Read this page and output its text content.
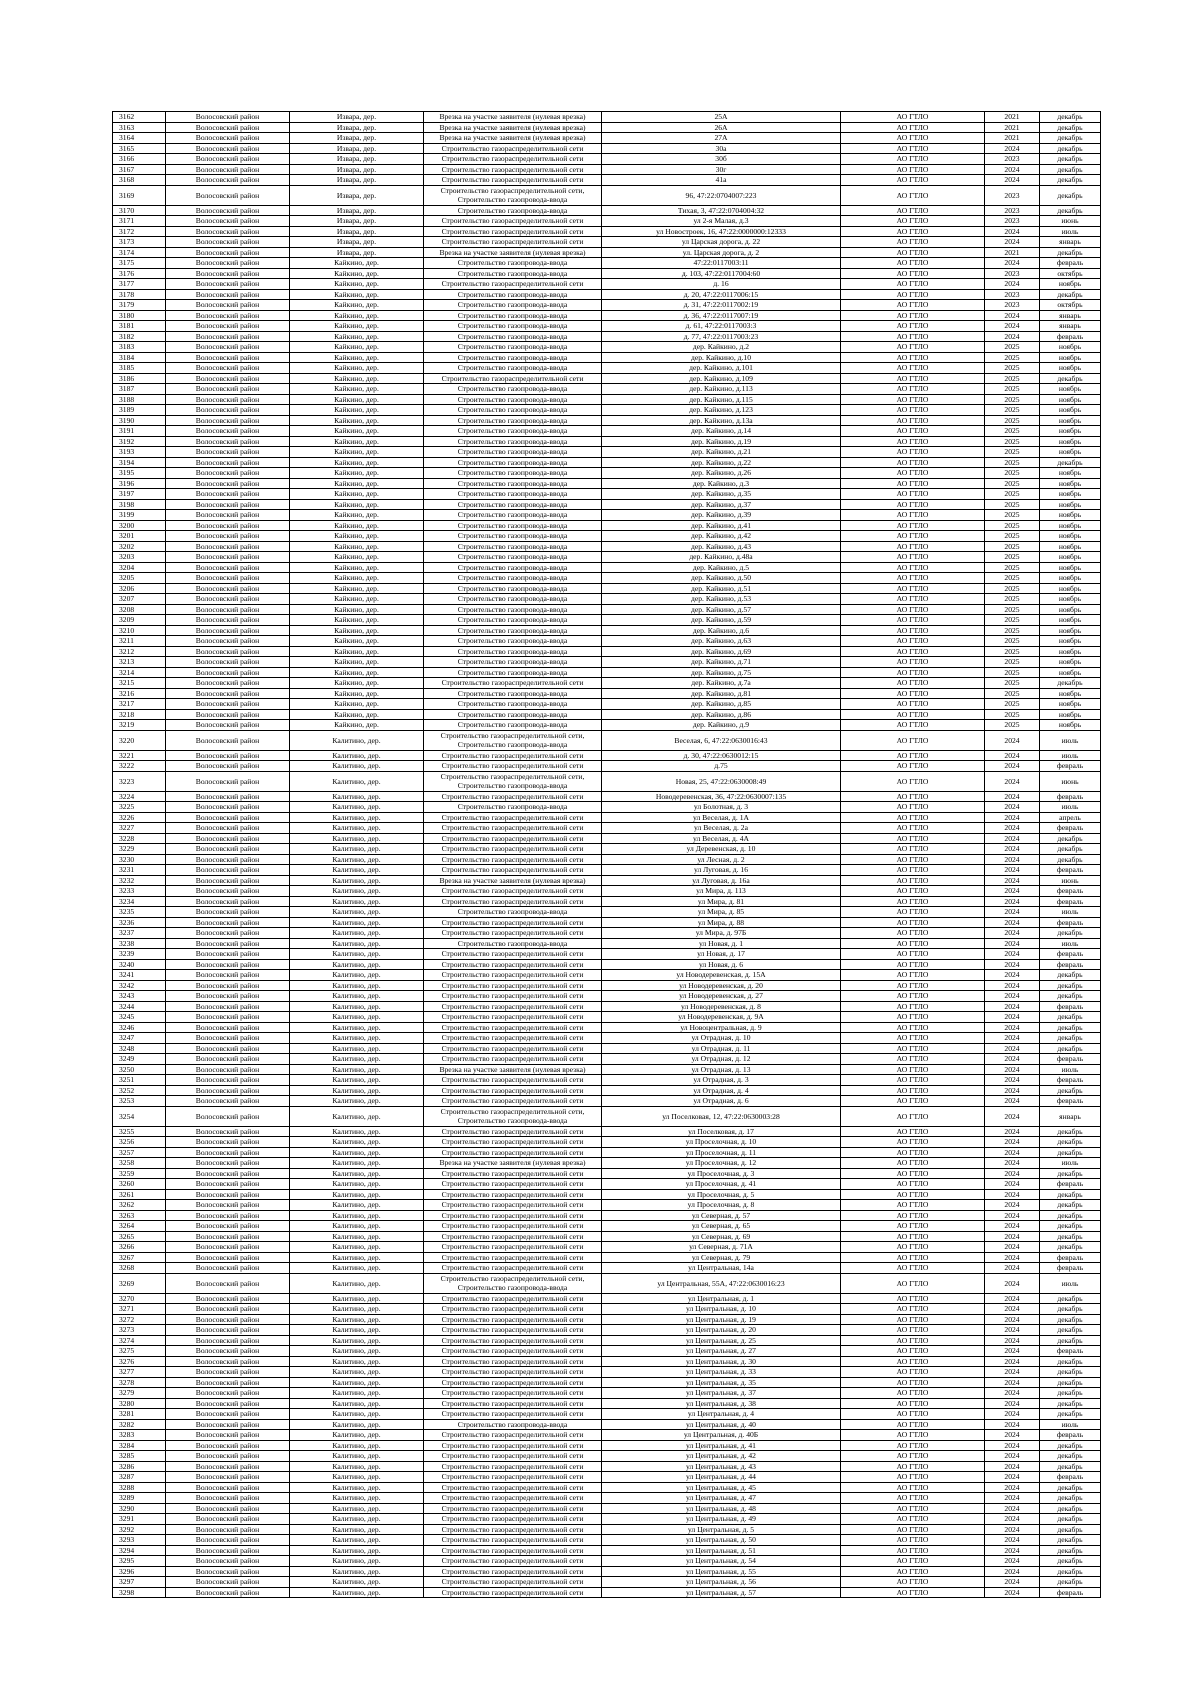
3162	Волосовский район	Извара, дер.	Врезка на участке заявителя (нулевая врезка)	25А	АО ГТЛО	2021	декабрь
3163	Волосовский район	Извара, дер.	Врезка на участке заявителя (нулевая врезка)	26А	АО ГТЛО	2021	декабрь
3164	Волосовский район	Извара, дер.	Врезка на участке заявителя (нулевая врезка)	27А	АО ГТЛО	2021	декабрь
3165	Волосовский район	Извара, дер.	Строительство газораспределительной сети	30а	АО ГТЛО	2024	декабрь
3166	Волосовский район	Извара, дер.	Строительство газораспределительной сети	30б	АО ГТЛО	2023	декабрь
3167	Волосовский район	Извара, дер.	Строительство газораспределительной сети	30г	АО ГТЛО	2024	декабрь
3168	Волосовский район	Извара, дер.	Строительство газораспределительной сети	41а	АО ГТЛО	2024	декабрь
3169	Волосовский район	Извара, дер.	Строительство газораспределительной сети, Строительство газопровода-ввода	96, 47:22:0704007:223	АО ГТЛО	2023	декабрь
3170	Волосовский район	Извара, дер.	Строительство газопровода-ввода	Тихая, 3, 47:22:0704004:32	АО ГТЛО	2023	декабрь
3171	Волосовский район	Извара, дер.	Строительство газораспределительной сети	ул 2-я Малая, д.3	АО ГТЛО	2023	июнь
3172	Волосовский район	Извара, дер.	Строительство газораспределительной сети	ул Новостроек, 16, 47:22:0000000:12333	АО ГТЛО	2024	июль
3173	Волосовский район	Извара, дер.	Строительство газораспределительной сети	ул Царская дорога, д. 22	АО ГТЛО	2024	январь
3174	Волосовский район	Извара, дер.	Врезка на участке заявителя (нулевая врезка)	ул. Царская дорога, д. 2	АО ГТЛО	2021	декабрь
3175	Волосовский район	Кайкино, дер.	Строительство газопровода-ввода	47:22:0117003:11	АО ГТЛО	2024	февраль
3176	Волосовский район	Кайкино, дер.	Строительство газопровода-ввода	д. 103, 47:22:0117004:60	АО ГТЛО	2023	октябрь
3177	Волосовский район	Кайкино, дер.	Строительство газораспределительной сети	д. 16	АО ГТЛО	2024	ноябрь
3178	Волосовский район	Кайкино, дер.	Строительство газопровода-ввода	д. 20, 47:22:0117006:15	АО ГТЛО	2023	декабрь
3179	Волосовский район	Кайкино, дер.	Строительство газопровода-ввода	д. 31, 47:22:0117002:19	АО ГТЛО	2023	октябрь
3180	Волосовский район	Кайкино, дер.	Строительство газопровода-ввода	д. 36, 47:22:0117007:19	АО ГТЛО	2024	январь
3181	Волосовский район	Кайкино, дер.	Строительство газопровода-ввода	д. 61, 47:22:0117003:3	АО ГТЛО	2024	январь
3182	Волосовский район	Кайкино, дер.	Строительство газопровода-ввода	д. 77, 47:22:0117003:23	АО ГТЛО	2024	февраль
3183	Волосовский район	Кайкино, дер.	Строительство газопровода-ввода	дер. Кайкино, д.2	АО ГТЛО	2025	ноябрь
3184	Волосовский район	Кайкино, дер.	Строительство газопровода-ввода	дер. Кайкино, д.10	АО ГТЛО	2025	ноябрь
3185	Волосовский район	Кайкино, дер.	Строительство газопровода-ввода	дер. Кайкино, д.101	АО ГТЛО	2025	ноябрь
3186	Волосовский район	Кайкино, дер.	Строительство газораспределительной сети	дер. Кайкино, д.109	АО ГТЛО	2025	декабрь
3187	Волосовский район	Кайкино, дер.	Строительство газопровода-ввода	дер. Кайкино, д.113	АО ГТЛО	2025	ноябрь
3188	Волосовский район	Кайкино, дер.	Строительство газопровода-ввода	дер. Кайкино, д.115	АО ГТЛО	2025	ноябрь
3189	Волосовский район	Кайкино, дер.	Строительство газопровода-ввода	дер. Кайкино, д.123	АО ГТЛО	2025	ноябрь
3190	Волосовский район	Кайкино, дер.	Строительство газопровода-ввода	дер. Кайкино, д.13а	АО ГТЛО	2025	ноябрь
3191	Волосовский район	Кайкино, дер.	Строительство газопровода-ввода	дер. Кайкино, д.14	АО ГТЛО	2025	ноябрь
3192	Волосовский район	Кайкино, дер.	Строительство газопровода-ввода	дер. Кайкино, д.19	АО ГТЛО	2025	ноябрь
3193	Волосовский район	Кайкино, дер.	Строительство газопровода-ввода	дер. Кайкино, д.21	АО ГТЛО	2025	ноябрь
3194	Волосовский район	Кайкино, дер.	Строительство газопровода-ввода	дер. Кайкино, д.22	АО ГТЛО	2025	декабрь
3195	Волосовский район	Кайкино, дер.	Строительство газопровода-ввода	дер. Кайкино, д.26	АО ГТЛО	2025	ноябрь
3196	Волосовский район	Кайкино, дер.	Строительство газопровода-ввода	дер. Кайкино, д.3	АО ГТЛО	2025	ноябрь
3197	Волосовский район	Кайкино, дер.	Строительство газопровода-ввода	дер. Кайкино, д.35	АО ГТЛО	2025	ноябрь
3198	Волосовский район	Кайкино, дер.	Строительство газопровода-ввода	дер. Кайкино, д.37	АО ГТЛО	2025	ноябрь
3199	Волосовский район	Кайкино, дер.	Строительство газопровода-ввода	дер. Кайкино, д.39	АО ГТЛО	2025	ноябрь
3200	Волосовский район	Кайкино, дер.	Строительство газопровода-ввода	дер. Кайкино, д.41	АО ГТЛО	2025	ноябрь
3201	Волосовский район	Кайкино, дер.	Строительство газопровода-ввода	дер. Кайкино, д.42	АО ГТЛО	2025	ноябрь
3202	Волосовский район	Кайкино, дер.	Строительство газопровода-ввода	дер. Кайкино, д.43	АО ГТЛО	2025	ноябрь
3203	Волосовский район	Кайкино, дер.	Строительство газопровода-ввода	дер. Кайкино, д.48а	АО ГТЛО	2025	ноябрь
3204	Волосовский район	Кайкино, дер.	Строительство газопровода-ввода	дер. Кайкино, д.5	АО ГТЛО	2025	ноябрь
3205	Волосовский район	Кайкино, дер.	Строительство газопровода-ввода	дер. Кайкино, д.50	АО ГТЛО	2025	ноябрь
3206	Волосовский район	Кайкино, дер.	Строительство газопровода-ввода	дер. Кайкино, д.51	АО ГТЛО	2025	ноябрь
3207	Волосовский район	Кайкино, дер.	Строительство газопровода-ввода	дер. Кайкино, д.53	АО ГТЛО	2025	ноябрь
3208	Волосовский район	Кайкино, дер.	Строительство газопровода-ввода	дер. Кайкино, д.57	АО ГТЛО	2025	ноябрь
3209	Волосовский район	Кайкино, дер.	Строительство газопровода-ввода	дер. Кайкино, д.59	АО ГТЛО	2025	ноябрь
3210	Волосовский район	Кайкино, дер.	Строительство газопровода-ввода	дер. Кайкино, д.6	АО ГТЛО	2025	ноябрь
3211	Волосовский район	Кайкино, дер.	Строительство газопровода-ввода	дер. Кайкино, д.63	АО ГТЛО	2025	ноябрь
3212	Волосовский район	Кайкино, дер.	Строительство газопровода-ввода	дер. Кайкино, д.69	АО ГТЛО	2025	ноябрь
3213	Волосовский район	Кайкино, дер.	Строительство газопровода-ввода	дер. Кайкино, д.71	АО ГТЛО	2025	ноябрь
3214	Волосовский район	Кайкино, дер.	Строительство газопровода-ввода	дер. Кайкино, д.75	АО ГТЛО	2025	ноябрь
3215	Волосовский район	Кайкино, дер.	Строительство газораспределительной сети	дер. Кайкино, д.7а	АО ГТЛО	2025	декабрь
3216	Волосовский район	Кайкино, дер.	Строительство газопровода-ввода	дер. Кайкино, д.81	АО ГТЛО	2025	ноябрь
3217	Волосовский район	Кайкино, дер.	Строительство газопровода-ввода	дер. Кайкино, д.85	АО ГТЛО	2025	ноябрь
3218	Волосовский район	Кайкино, дер.	Строительство газопровода-ввода	дер. Кайкино, д.86	АО ГТЛО	2025	ноябрь
3219	Волосовский район	Кайкино, дер.	Строительство газопровода-ввода	дер. Кайкино, д.9	АО ГТЛО	2025	ноябрь
3220	Волосовский район	Калитино, дер.	Строительство газораспределительной сети, Строительство газопровода-ввода	Веселая, 6, 47:22:0630016:43	АО ГТЛО	2024	июль
3221	Волосовский район	Калитино, дер.	Строительство газораспределительной сети	д. 30, 47:22:0630012:15	АО ГТЛО	2024	июль
3222	Волосовский район	Калитино, дер.	Строительство газораспределительной сети	д.75	АО ГТЛО	2024	февраль
3223	Волосовский район	Калитино, дер.	Строительство газораспределительной сети, Строительство газопровода-ввода	Новая, 25, 47:22:0630008:49	АО ГТЛО	2024	июнь
3224	Волосовский район	Калитино, дер.	Строительство газораспределительной сети	Новодеревенская, 36, 47:22:0630007:135	АО ГТЛО	2024	февраль
3225	Волосовский район	Калитино, дер.	Строительство газопровода-ввода	ул Болотная, д. 3	АО ГТЛО	2024	июль
3226	Волосовский район	Калитино, дер.	Строительство газораспределительной сети	ул Веселая, д. 1А	АО ГТЛО	2024	апрель
3227	Волосовский район	Калитино, дер.	Строительство газораспределительной сети	ул Веселая, д. 2а	АО ГТЛО	2024	февраль
3228	Волосовский район	Калитино, дер.	Строительство газораспределительной сети	ул Веселая, д. 4А	АО ГТЛО	2024	декабрь
3229	Волосовский район	Калитино, дер.	Строительство газораспределительной сети	ул Деревенская, д. 10	АО ГТЛО	2024	декабрь
3230	Волосовский район	Калитино, дер.	Строительство газораспределительной сети	ул Лесная, д. 2	АО ГТЛО	2024	декабрь
3231	Волосовский район	Калитино, дер.	Строительство газораспределительной сети	ул Луговая, д. 16	АО ГТЛО	2024	февраль
3232	Волосовский район	Калитино, дер.	Врезка на участке заявителя (нулевая врезка)	ул Луговая, д. 16а	АО ГТЛО	2024	июнь
3233	Волосовский район	Калитино, дер.	Строительство газораспределительной сети	ул Мира, д. 113	АО ГТЛО	2024	февраль
3234	Волосовский район	Калитино, дер.	Строительство газораспределительной сети	ул Мира, д. 81	АО ГТЛО	2024	февраль
3235	Волосовский район	Калитино, дер.	Строительство газопровода-ввода	ул Мира, д. 85	АО ГТЛО	2024	июль
3236	Волосовский район	Калитино, дер.	Строительство газораспределительной сети	ул Мира, д. 88	АО ГТЛО	2024	февраль
3237	Волосовский район	Калитино, дер.	Строительство газораспределительной сети	ул Мира, д. 97Б	АО ГТЛО	2024	декабрь
3238	Волосовский район	Калитино, дер.	Строительство газопровода-ввода	ул Новая, д. 1	АО ГТЛО	2024	июль
3239	Волосовский район	Калитино, дер.	Строительство газораспределительной сети	ул Новая, д. 17	АО ГТЛО	2024	февраль
3240	Волосовский район	Калитино, дер.	Строительство газораспределительной сети	ул Новая, д. 6	АО ГТЛО	2024	февраль
3241	Волосовский район	Калитино, дер.	Строительство газораспределительной сети	ул Новодеревенская, д. 15А	АО ГТЛО	2024	декабрь
3242	Волосовский район	Калитино, дер.	Строительство газораспределительной сети	ул Новодеревенская, д. 20	АО ГТЛО	2024	декабрь
3243	Волосовский район	Калитино, дер.	Строительство газораспределительной сети	ул Новодеревенская, д. 27	АО ГТЛО	2024	декабрь
3244	Волосовский район	Калитино, дер.	Строительство газораспределительной сети	ул Новодеревенская, д. 8	АО ГТЛО	2024	февраль
3245	Волосовский район	Калитино, дер.	Строительство газораспределительной сети	ул Новодеревенская, д. 9А	АО ГТЛО	2024	декабрь
3246	Волосовский район	Калитино, дер.	Строительство газораспределительной сети	ул Новоцентральная, д. 9	АО ГТЛО	2024	декабрь
3247	Волосовский район	Калитино, дер.	Строительство газораспределительной сети	ул Отрадная, д. 10	АО ГТЛО	2024	декабрь
3248	Волосовский район	Калитино, дер.	Строительство газораспределительной сети	ул Отрадная, д. 11	АО ГТЛО	2024	декабрь
3249	Волосовский район	Калитино, дер.	Строительство газораспределительной сети	ул Отрадная, д. 12	АО ГТЛО	2024	февраль
3250	Волосовский район	Калитино, дер.	Врезка на участке заявителя (нулевая врезка)	ул Отрадная, д. 13	АО ГТЛО	2024	июль
3251	Волосовский район	Калитино, дер.	Строительство газораспределительной сети	ул Отрадная, д. 3	АО ГТЛО	2024	февраль
3252	Волосовский район	Калитино, дер.	Строительство газораспределительной сети	ул Отрадная, д. 4	АО ГТЛО	2024	декабрь
3253	Волосовский район	Калитино, дер.	Строительство газораспределительной сети	ул Отрадная, д. 6	АО ГТЛО	2024	февраль
3254	Волосовский район	Калитино, дер.	Строительство газораспределительной сети, Строительство газопровода-ввода	ул Поселковая, 12, 47:22:0630003:28	АО ГТЛО	2024	январь
3255	Волосовский район	Калитино, дер.	Строительство газораспределительной сети	ул Поселковая, д. 17	АО ГТЛО	2024	декабрь
3256	Волосовский район	Калитино, дер.	Строительство газораспределительной сети	ул Проселочная, д. 10	АО ГТЛО	2024	декабрь
3257	Волосовский район	Калитино, дер.	Строительство газораспределительной сети	ул Проселочная, д. 11	АО ГТЛО	2024	декабрь
3258	Волосовский район	Калитино, дер.	Врезка на участке заявителя (нулевая врезка)	ул Проселочная, д. 12	АО ГТЛО	2024	июль
3259	Волосовский район	Калитино, дер.	Строительство газораспределительной сети	ул Проселочная, д. 3	АО ГТЛО	2024	декабрь
3260	Волосовский район	Калитино, дер.	Строительство газораспределительной сети	ул Проселочная, д. 41	АО ГТЛО	2024	февраль
3261	Волосовский район	Калитино, дер.	Строительство газораспределительной сети	ул Проселочная, д. 5	АО ГТЛО	2024	декабрь
3262	Волосовский район	Калитино, дер.	Строительство газораспределительной сети	ул Проселочная, д. 8	АО ГТЛО	2024	декабрь
3263	Волосовский район	Калитино, дер.	Строительство газораспределительной сети	ул Северная, д. 57	АО ГТЛО	2024	декабрь
3264	Волосовский район	Калитино, дер.	Строительство газораспределительной сети	ул Северная, д. 65	АО ГТЛО	2024	декабрь
3265	Волосовский район	Калитино, дер.	Строительство газораспределительной сети	ул Северная, д. 69	АО ГТЛО	2024	декабрь
3266	Волосовский район	Калитино, дер.	Строительство газораспределительной сети	ул Северная, д. 71А	АО ГТЛО	2024	декабрь
3267	Волосовский район	Калитино, дер.	Строительство газораспределительной сети	ул Северная, д. 79	АО ГТЛО	2024	февраль
3268	Волосовский район	Калитино, дер.	Строительство газораспределительной сети	ул Центральная, 14а	АО ГТЛО	2024	февраль
3269	Волосовский район	Калитино, дер.	Строительство газораспределительной сети, Строительство газопровода-ввода	ул Центральная, 55А, 47:22:0630016:23	АО ГТЛО	2024	июль
3270	Волосовский район	Калитино, дер.	Строительство газораспределительной сети	ул Центральная, д. 1	АО ГТЛО	2024	декабрь
3271	Волосовский район	Калитино, дер.	Строительство газораспределительной сети	ул Центральная, д. 10	АО ГТЛО	2024	декабрь
3272	Волосовский район	Калитино, дер.	Строительство газораспределительной сети	ул Центральная, д. 19	АО ГТЛО	2024	декабрь
3273	Волосовский район	Калитино, дер.	Строительство газораспределительной сети	ул Центральная, д. 20	АО ГТЛО	2024	декабрь
3274	Волосовский район	Калитино, дер.	Строительство газораспределительной сети	ул Центральная, д. 25	АО ГТЛО	2024	декабрь
3275	Волосовский район	Калитино, дер.	Строительство газораспределительной сети	ул Центральная, д. 27	АО ГТЛО	2024	февраль
3276	Волосовский район	Калитино, дер.	Строительство газораспределительной сети	ул Центральная, д. 30	АО ГТЛО	2024	декабрь
3277	Волосовский район	Калитино, дер.	Строительство газораспределительной сети	ул Центральная, д. 33	АО ГТЛО	2024	декабрь
3278	Волосовский район	Калитино, дер.	Строительство газораспределительной сети	ул Центральная, д. 35	АО ГТЛО	2024	декабрь
3279	Волосовский район	Калитино, дер.	Строительство газораспределительной сети	ул Центральная, д. 37	АО ГТЛО	2024	декабрь
3280	Волосовский район	Калитино, дер.	Строительство газораспределительной сети	ул Центральная, д. 38	АО ГТЛО	2024	декабрь
3281	Волосовский район	Калитино, дер.	Строительство газораспределительной сети	ул Центральная, д. 4	АО ГТЛО	2024	декабрь
3282	Волосовский район	Калитино, дер.	Строительство газопровода-ввода	ул Центральная, д. 40	АО ГТЛО	2024	июль
3283	Волосовский район	Калитино, дер.	Строительство газораспределительной сети	ул Центральная, д. 40Б	АО ГТЛО	2024	февраль
3284	Волосовский район	Калитино, дер.	Строительство газораспределительной сети	ул Центральная, д. 41	АО ГТЛО	2024	декабрь
3285	Волосовский район	Калитино, дер.	Строительство газораспределительной сети	ул Центральная, д. 42	АО ГТЛО	2024	декабрь
3286	Волосовский район	Калитино, дер.	Строительство газораспределительной сети	ул Центральная, д. 43	АО ГТЛО	2024	декабрь
3287	Волосовский район	Калитино, дер.	Строительство газораспределительной сети	ул Центральная, д. 44	АО ГТЛО	2024	февраль
3288	Волосовский район	Калитино, дер.	Строительство газораспределительной сети	ул Центральная, д. 45	АО ГТЛО	2024	декабрь
3289	Волосовский район	Калитино, дер.	Строительство газораспределительной сети	ул Центральная, д. 47	АО ГТЛО	2024	декабрь
3290	Волосовский район	Калитино, дер.	Строительство газораспределительной сети	ул Центральная, д. 48	АО ГТЛО	2024	декабрь
3291	Волосовский район	Калитино, дер.	Строительство газораспределительной сети	ул Центральная, д. 49	АО ГТЛО	2024	декабрь
3292	Волосовский район	Калитино, дер.	Строительство газораспределительной сети	ул Центральная, д. 5	АО ГТЛО	2024	декабрь
3293	Волосовский район	Калитино, дер.	Строительство газораспределительной сети	ул Центральная, д. 50	АО ГТЛО	2024	декабрь
3294	Волосовский район	Калитино, дер.	Строительство газораспределительной сети	ул Центральная, д. 51	АО ГТЛО	2024	декабрь
3295	Волосовский район	Калитино, дер.	Строительство газораспределительной сети	ул Центральная, д. 54	АО ГТЛО	2024	декабрь
3296	Волосовский район	Калитино, дер.	Строительство газораспределительной сети	ул Центральная, д. 55	АО ГТЛО	2024	декабрь
3297	Волосовский район	Калитино, дер.	Строительство газораспределительной сети	ул Центральная, д. 56	АО ГТЛО	2024	декабрь
3298	Волосовский район	Калитино, дер.	Строительство газораспределительной сети	ул Центральная, д. 57	АО ГТЛО	2024	февраль
